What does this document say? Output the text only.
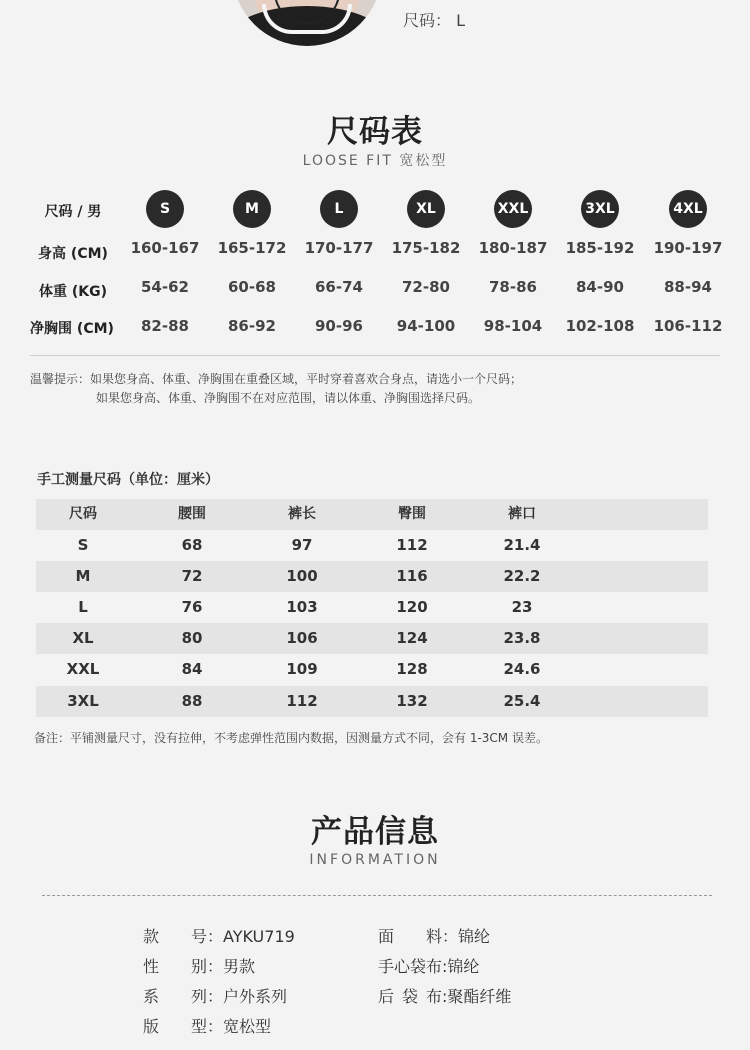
尺码： L
尺码表
LOOSE FIT 宽松型
尺码 / 男	S	M	L	XL	XXL	3XL	4XL
身高 (CM)	160-167	165-172	170-177	175-182	180-187	185-192	190-197
体重 (KG)	54-62	60-68	66-74	72-80	78-86	84-90	88-94
净胸围 (CM)	82-88	86-92	90-96	94-100	98-104	102-108	106-112
温馨提示：如果您身高、体重、净胸围在重叠区域，平时穿着喜欢合身点，请选小一个尺码；
如果您身高、体重、净胸围不在对应范围，请以体重、净胸围选择尺码。
手工测量尺码（单位：厘米）
尺码	腰围	裤长	臀围	裤口
S	68	97	112	21.4
M	72	100	116	22.2
L	76	103	120	23
XL	80	106	124	23.8
XXL	84	109	128	24.6
3XL	88	112	132	25.4
备注：平铺测量尺寸，没有拉伸，不考虑弹性范围内数据，因测量方式不同，会有 1-3CM 误差。
产品信息
INFORMATION
款号：AYKU719
性别：男款
系列：户外系列
版型：宽松型
面料：锦纶
手心袋布:锦纶
后袋布:聚酯纤维
